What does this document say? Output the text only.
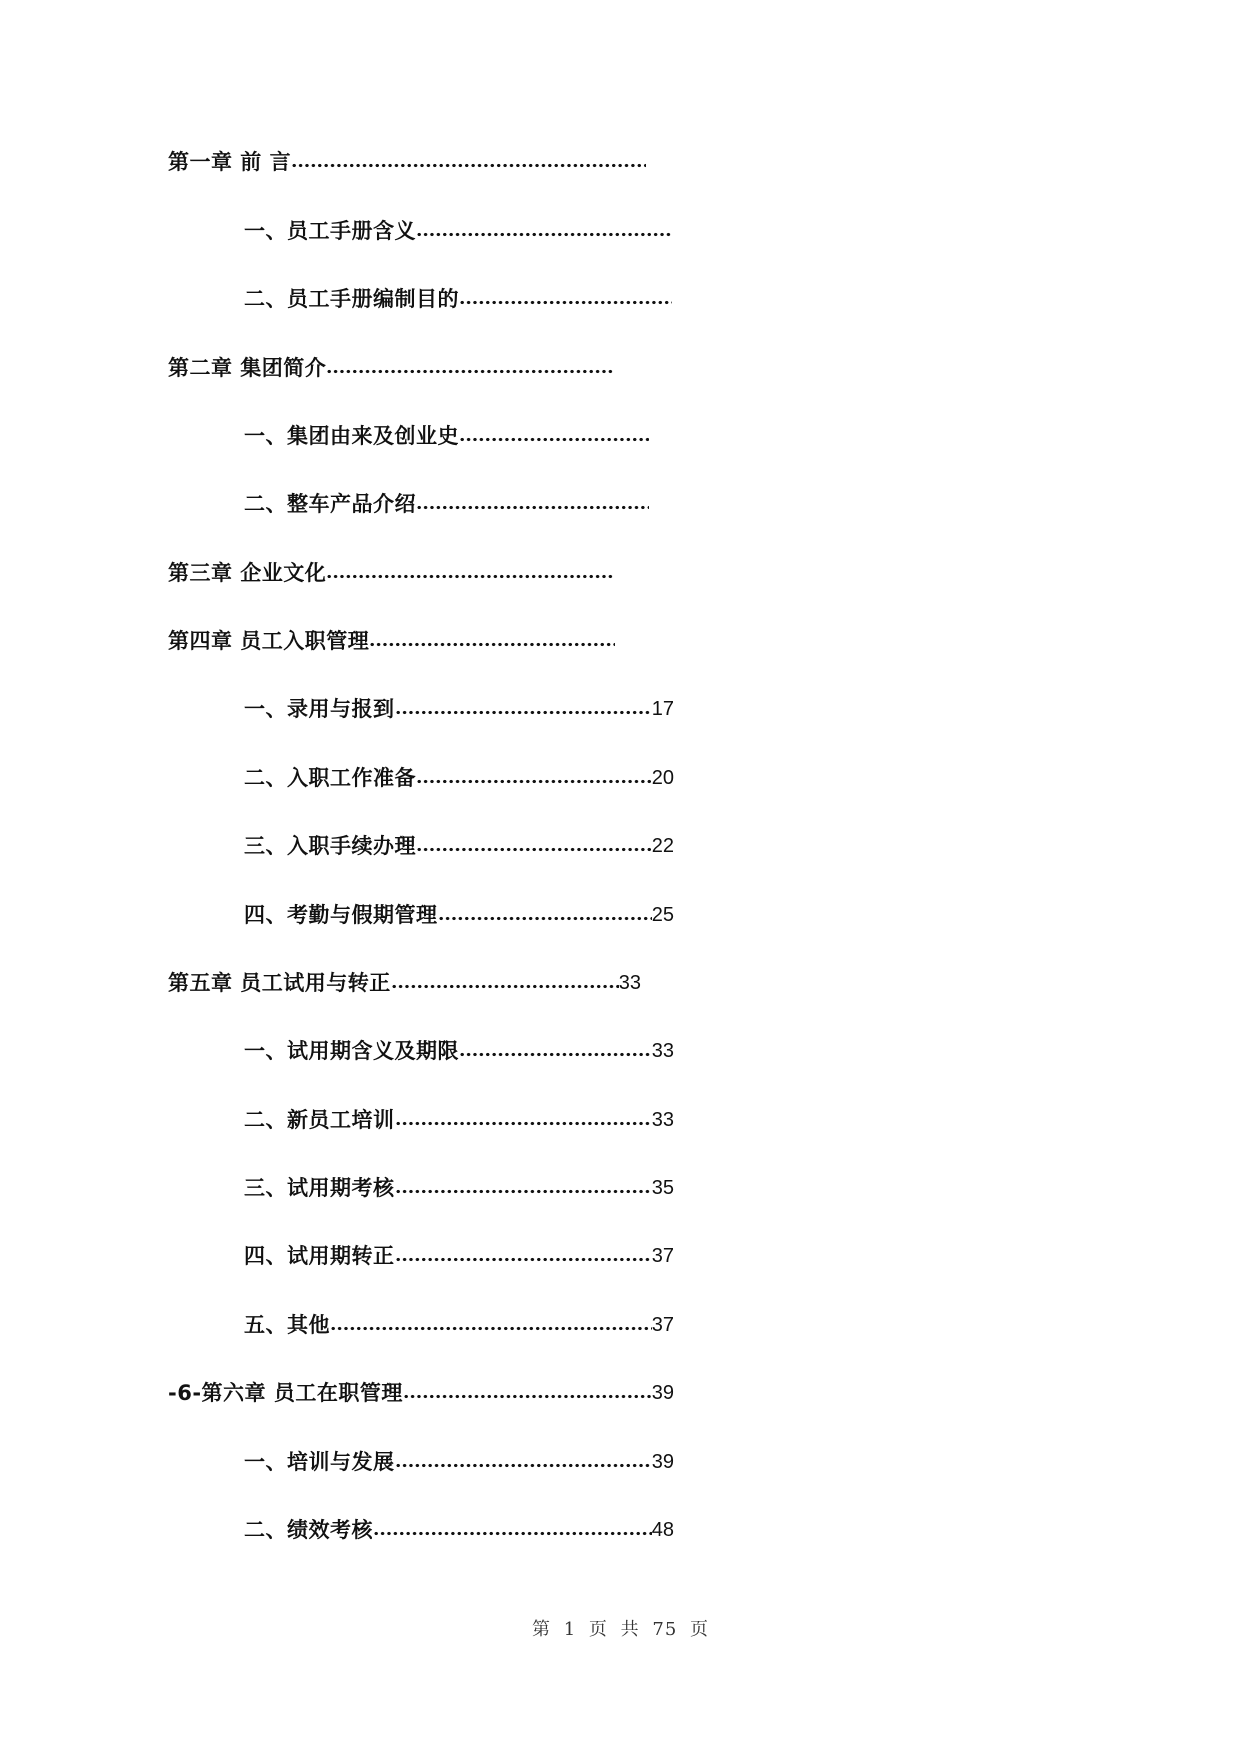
第一章 前 言
一、员工手册含义
二、员工手册编制目的
第二章 集团简介
一、集团由来及创业史
二、整车产品介绍
第三章 企业文化
第四章 员工入职管理
一、录用与报到	17
二、入职工作准备	20
三、入职手续办理	22
四、考勤与假期管理	25
第五章 员工试用与转正	33
一、试用期含义及期限	33
二、新员工培训	33
三、试用期考核	35
四、试用期转正	37
五、其他	37
-6-第六章 员工在职管理	39
一、培训与发展	39
二、绩效考核	48
第 1 页 共 75 页
